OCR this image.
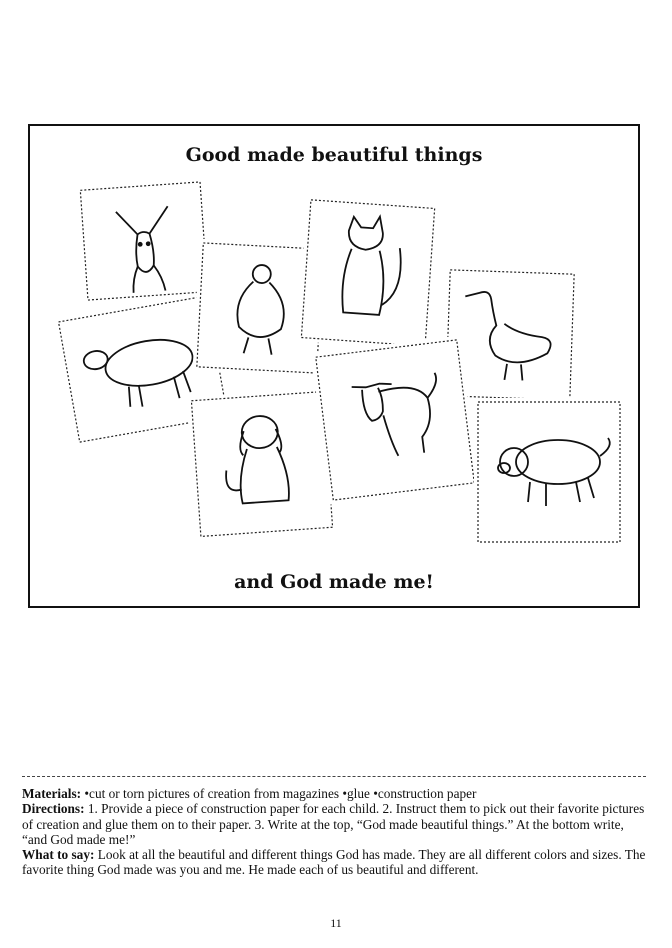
Good made beautiful things
and God made me!

Materials: •cut or torn pictures of creation from magazines •glue •construction paper

Directions: 1. Provide a piece of construction paper for each child. 2. Instruct them to pick out their favorite pictures of creation and glue them on to their paper. 3. Write at the top, “God made beautiful things.” At the bottom write, “and God made me!”

What to say: Look at all the beautiful and different things God has made. They are all different colors and sizes. The favorite thing God made was you and me. He made each of us beautiful and different.

11
